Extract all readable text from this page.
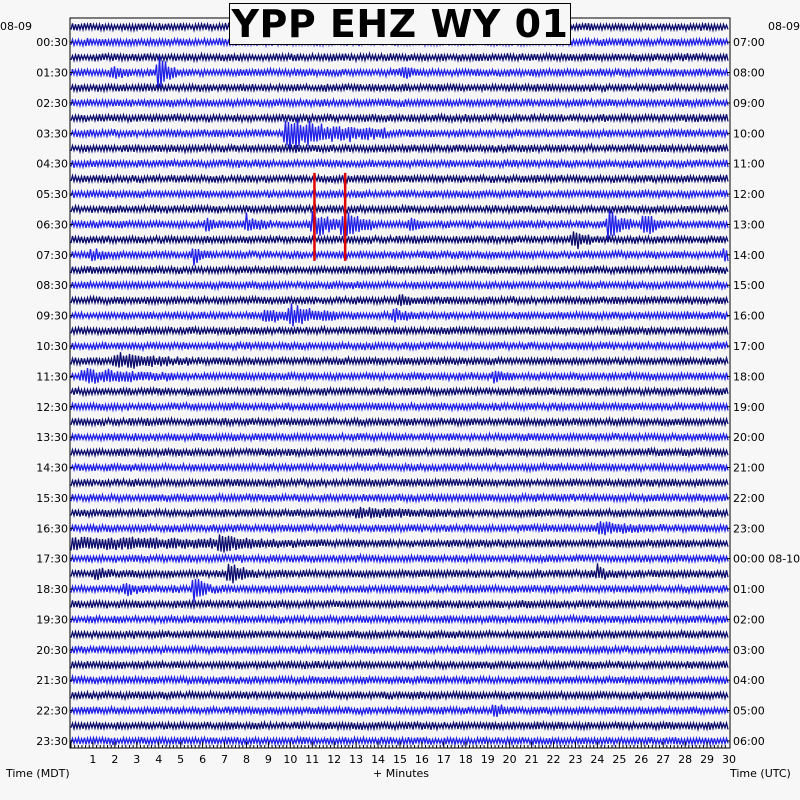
1 2 3 4 5 6 7 8 9 10 11 12 13 14 15 16 17 18 19 20 21 22 23 24 25 26 27 28 29 30
00:30
01:30
02:30
03:30
04:30
05:30
06:30
07:30
08:30
09:30
10:30
11:30
12:30
13:30
14:30
15:30
16:30
17:30
18:30
19:30
20:30
21:30
22:30
23:30
07:00
08:00
09:00
10:00
11:00
12:00
13:00
14:00
15:00
16:00
17:00
18:00
19:00
20:00
21:00
22:00
23:00
00:00 08-10
01:00
02:00
03:00
04:00
05:00
06:00
YPP EHZ WY 01
08-09	08-09
Time (MDT)	+ Minutes	Time (UTC)
